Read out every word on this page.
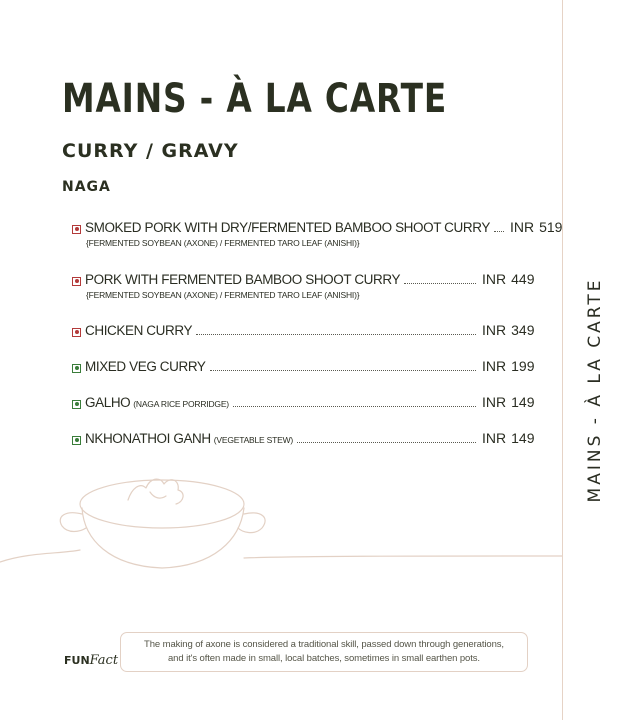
MAINS - À LA CARTE
MAINS - À LA CARTE
CURRY / GRAVY
NAGA
SMOKED PORK WITH DRY/FERMENTED BAMBOO SHOOT CURRY INR 519
{FERMENTED SOYBEAN (AXONE) / FERMENTED TARO LEAF (ANISHI)}
PORK WITH FERMENTED BAMBOO SHOOT CURRY	INR 449
{FERMENTED SOYBEAN (AXONE) / FERMENTED TARO LEAF (ANISHI)}
CHICKEN CURRY	INR 349
MIXED VEG CURRY	INR 199
GALHO (NAGA RICE PORRIDGE)	INR 149
NKHONATHOI GANH (VEGETABLE STEW)	INR 149
FUNFact
The making of axone is considered a traditional skill, passed down through generations,
and it's often made in small, local batches, sometimes in small earthen pots.
